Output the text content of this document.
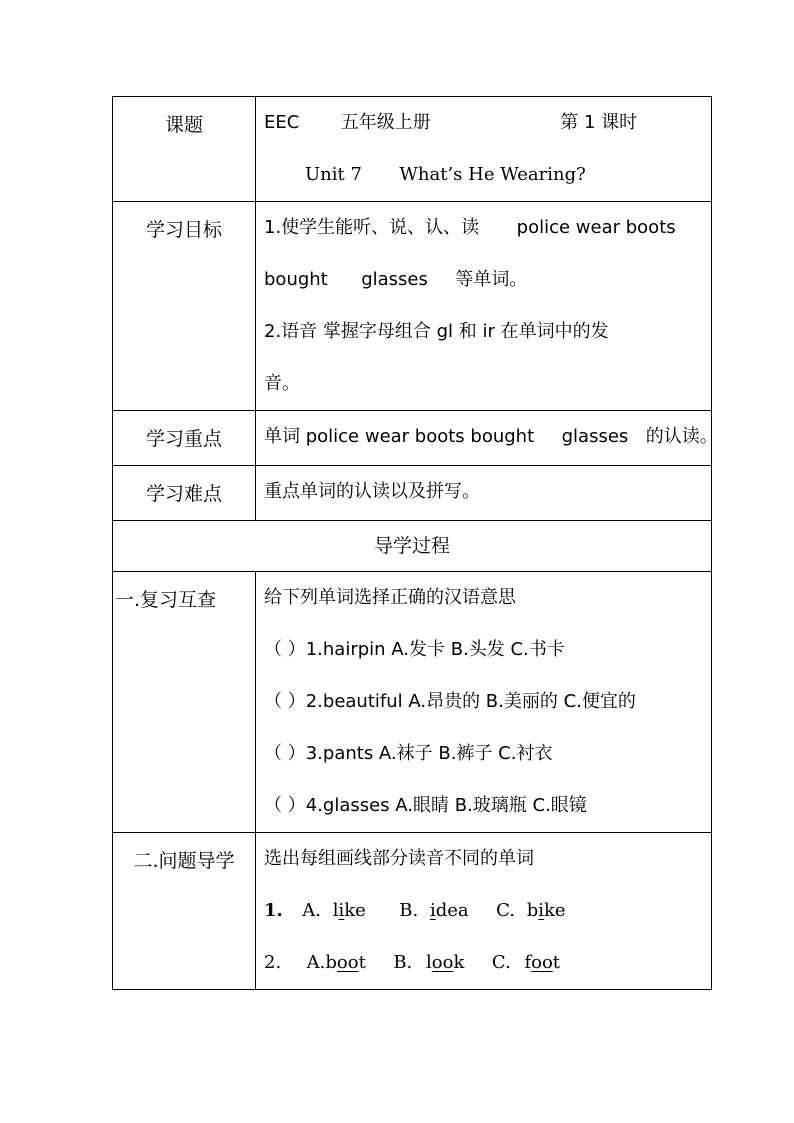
课题	EEC 五年级上册 第 1 课时
Unit 7 What’s He Wearing?

学习目标	1.使学生能听、说、认、读 police wear boots
bought glasses 等单词。
2.语音 掌握字母组合 gl 和 ir 在单词中的发
音。

学习重点	单词 police wear boots bought glasses 的认读。

学习难点	重点单词的认读以及拼写。

导学过程	
一.复习互查	给下列单词选择正确的汉语意思
（ ）1.hairpin A.发卡 B.头发 C.书卡
（ ）2.beautiful A.昂贵的 B.美丽的 C.便宜的
（ ）3.pants A.袜子 B.裤子 C.衬衣
（ ）4.glasses A.眼睛 B.玻璃瓶 C.眼镜

二.问题导学	选出每组画线部分读音不同的单词
1. A. like B. idea C. bike
2. A.boot B. look C. foot
